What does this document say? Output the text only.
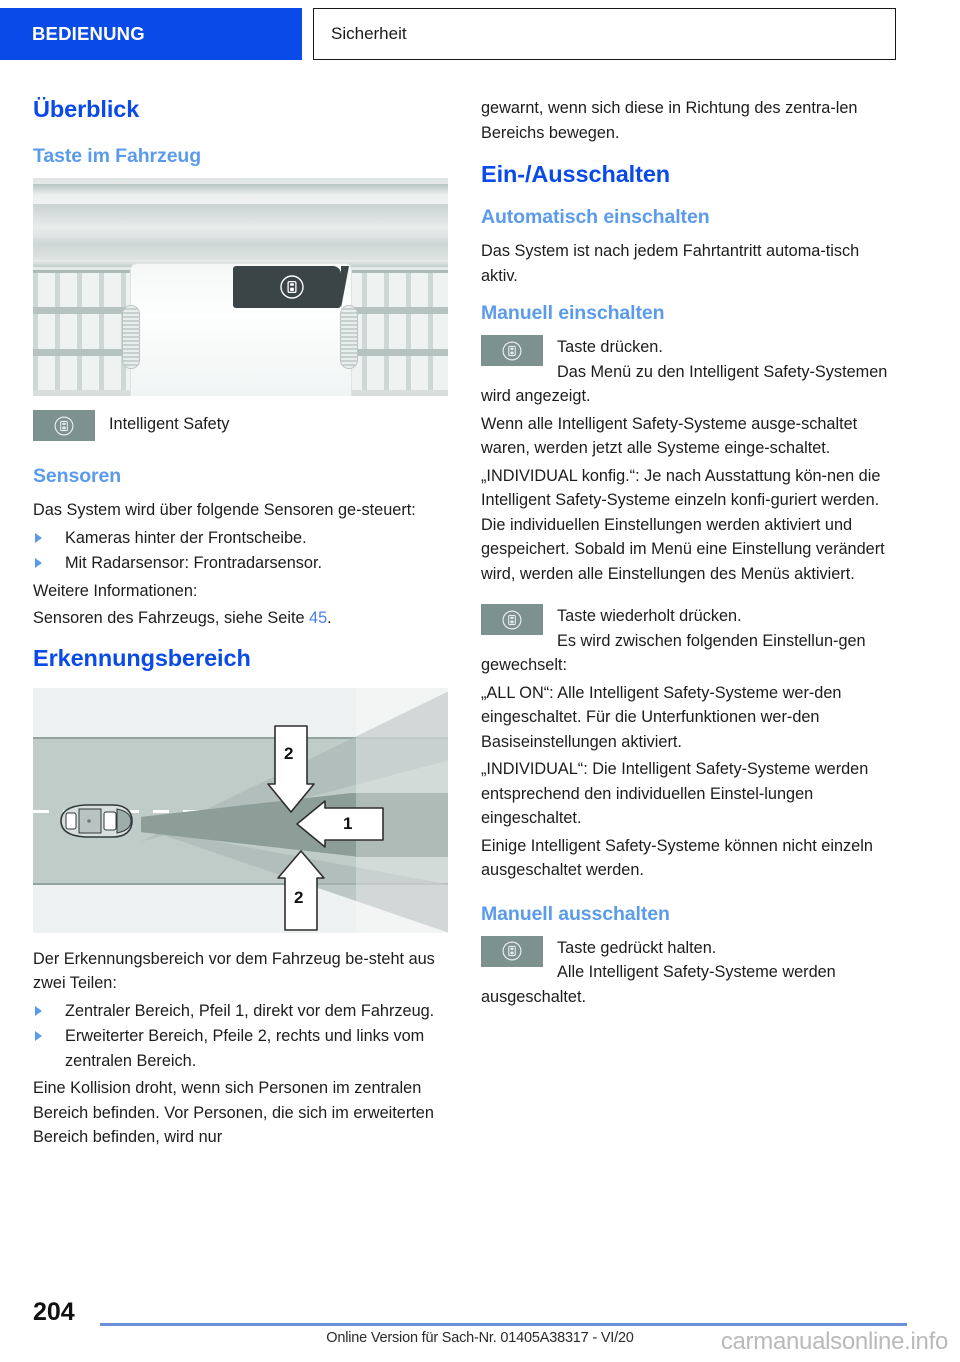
BEDIENUNG	Sicherheit
Überblick
Taste im Fahrzeug
Intelligent Safety
Sensoren

Das System wird über folgende Sensoren ge-steuert:

Kameras hinter der Frontscheibe.
Mit Radarsensor: Frontradarsensor.

Weitere Informationen:

Sensoren des Fahrzeugs, siehe Seite 45.

Erkennungsbereich
1
2
2

Der Erkennungsbereich vor dem Fahrzeug be-steht aus zwei Teilen:

Zentraler Bereich, Pfeil 1, direkt vor dem Fahrzeug.
Erweiterter Bereich, Pfeile 2, rechts und links vom zentralen Bereich.

Eine Kollision droht, wenn sich Personen im zentralen Bereich befinden. Vor Personen, die sich im erweiterten Bereich befinden, wird nur

gewarnt, wenn sich diese in Richtung des zentra-len Bereichs bewegen.

Ein-/Ausschalten
Automatisch einschalten

Das System ist nach jedem Fahrtantritt automa-tisch aktiv.

Manuell einschalten

Taste drücken.

Das Menü zu den Intelligent Safety-Systemen wird angezeigt.

Wenn alle Intelligent Safety-Systeme ausge-schaltet waren, werden jetzt alle Systeme einge-schaltet.

„INDIVIDUAL konfig.“: Je nach Ausstattung kön-nen die Intelligent Safety-Systeme einzeln konfi-guriert werden. Die individuellen Einstellungen werden aktiviert und gespeichert. Sobald im Menü eine Einstellung verändert wird, werden alle Einstellungen des Menüs aktiviert.

Taste wiederholt drücken.

Es wird zwischen folgenden Einstellun-gen gewechselt:

„ALL ON“: Alle Intelligent Safety-Systeme wer-den eingeschaltet. Für die Unterfunktionen wer-den Basiseinstellungen aktiviert.

„INDIVIDUAL“: Die Intelligent Safety-Systeme werden entsprechend den individuellen Einstel-lungen eingeschaltet.

Einige Intelligent Safety-Systeme können nicht einzeln ausgeschaltet werden.

Manuell ausschalten

Taste gedrückt halten.

Alle Intelligent Safety-Systeme werden ausgeschaltet.

204
Online Version für Sach-Nr. 01405A38317 - VI/20	carmanualsonline.info
